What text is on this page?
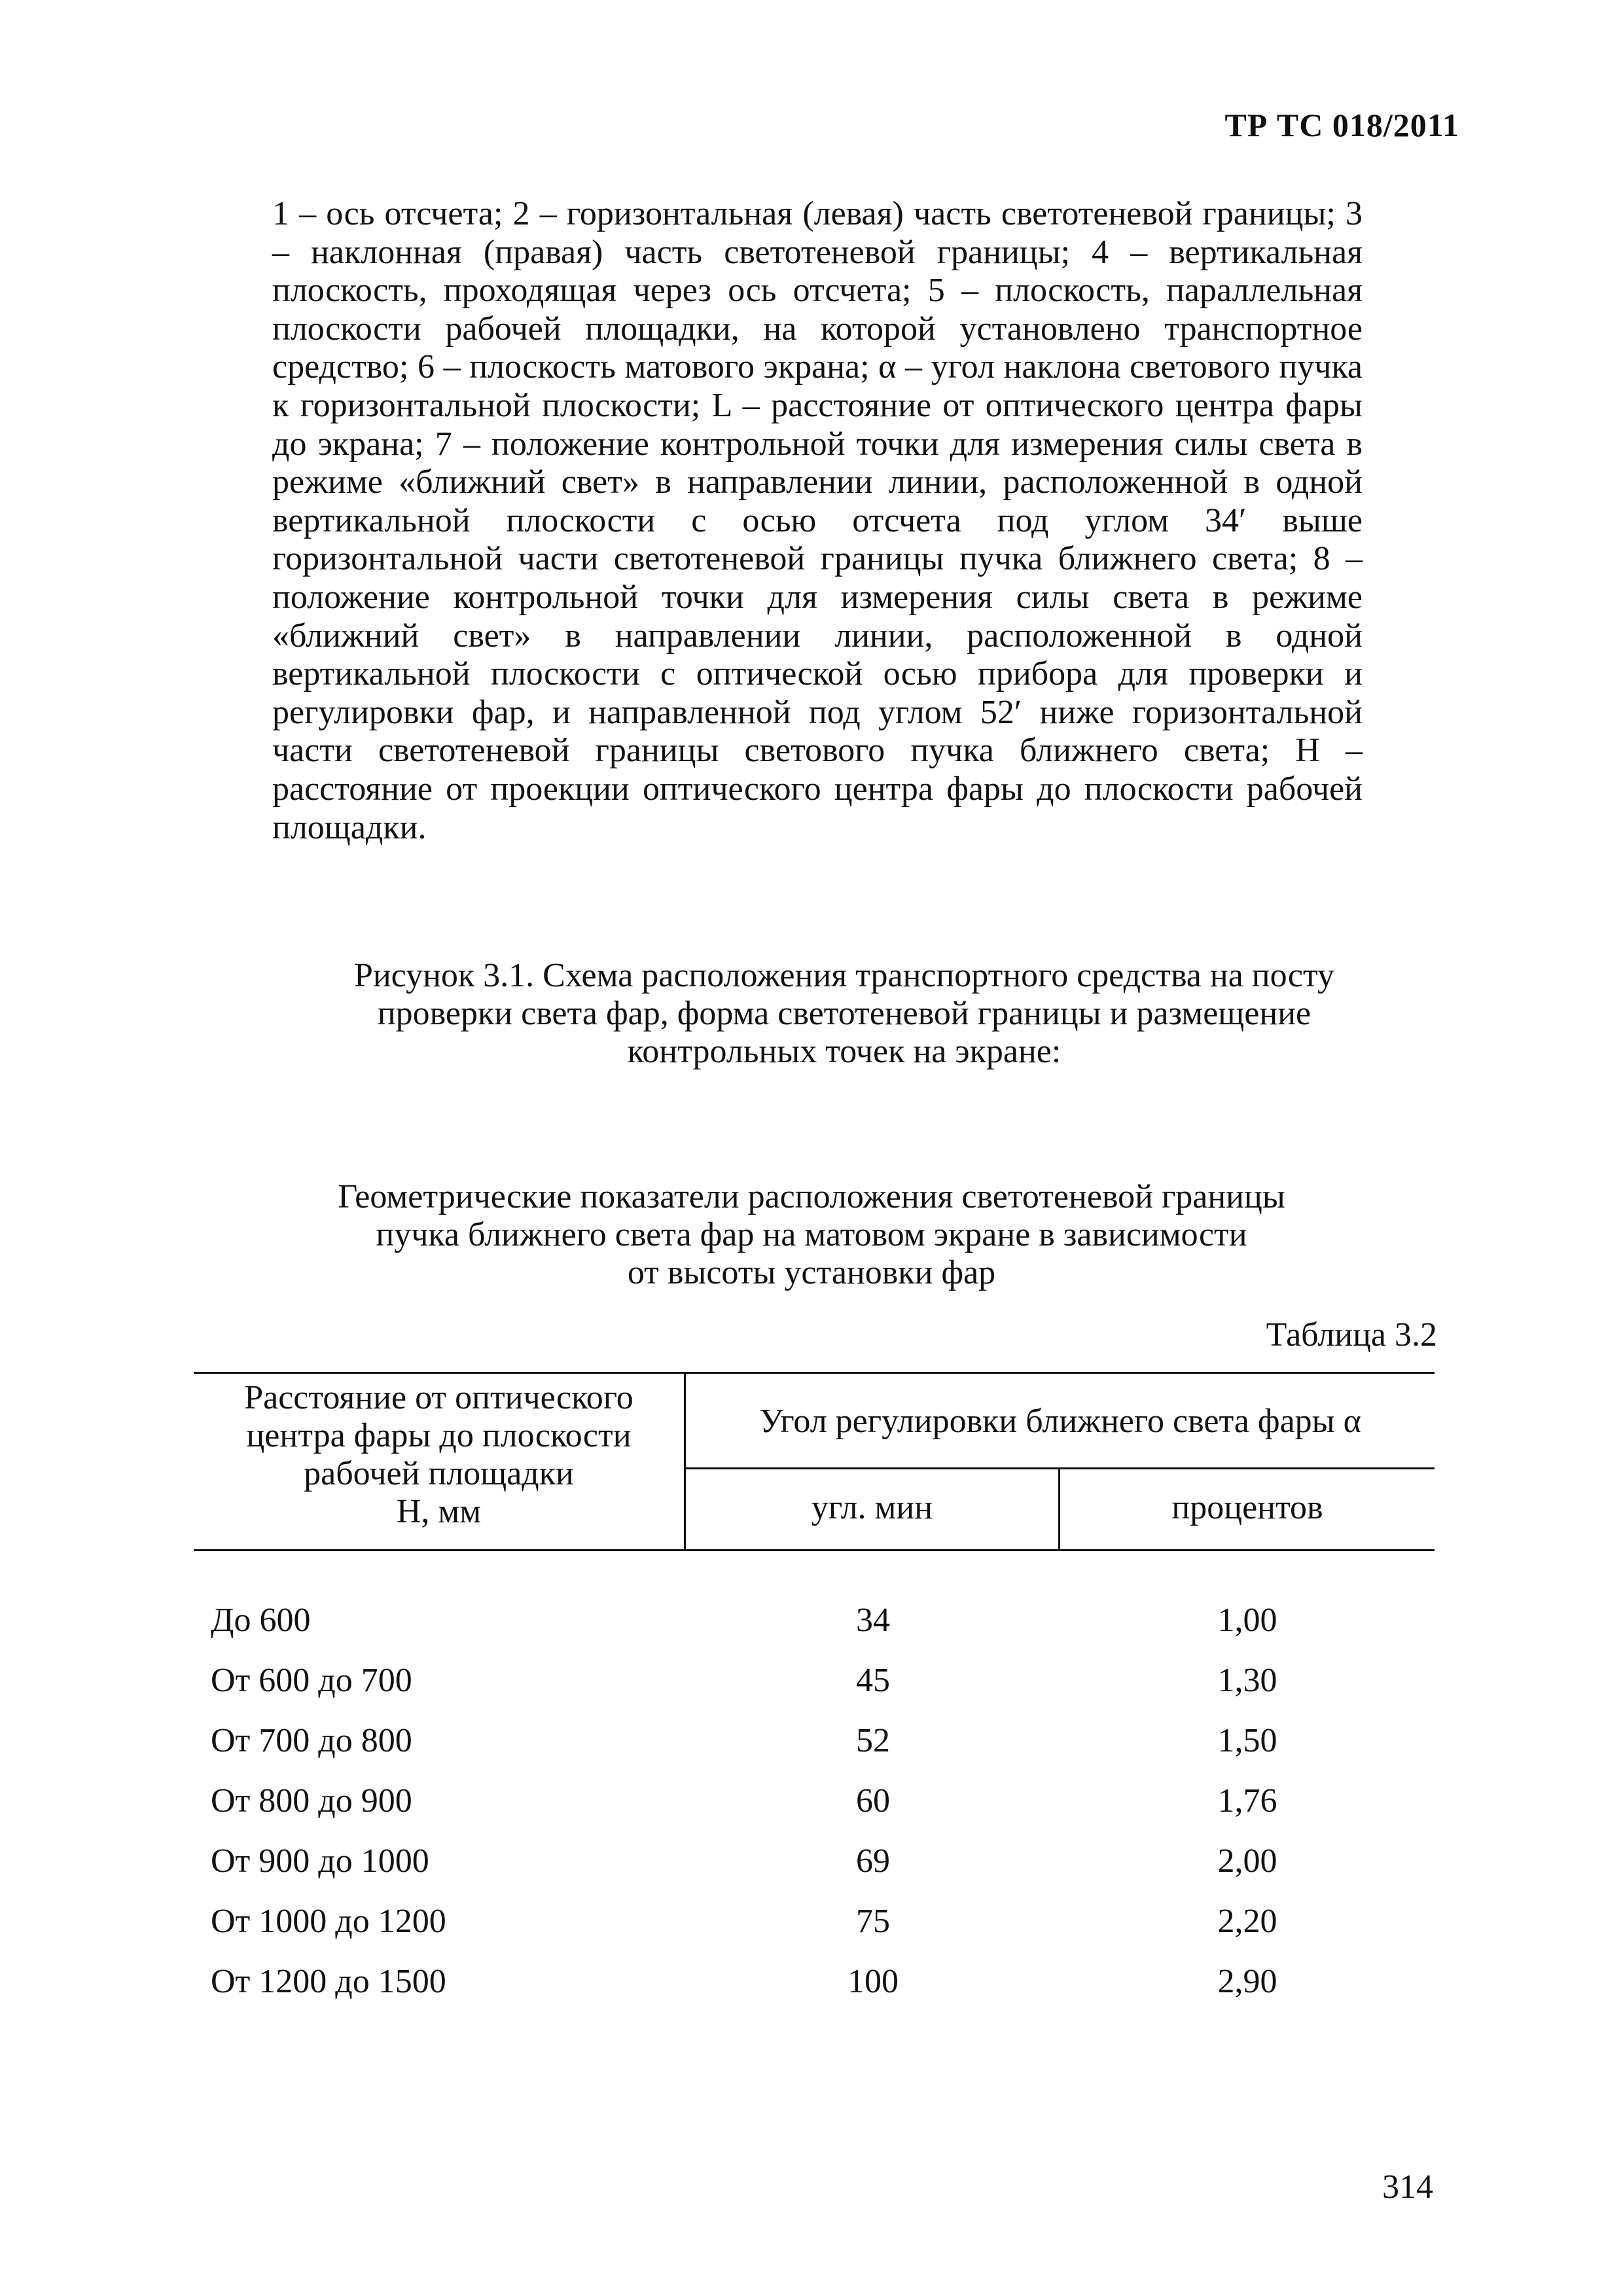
ТР ТС 018/2011
1 – ось отсчета; 2 – горизонтальная (левая) часть светотеневой границы; 3 – наклонная (правая) часть светотеневой границы; 4 – вертикальная плоскость, проходящая через ось отсчета; 5 – плоскость, параллельная плоскости рабочей площадки, на которой установлено транспортное средство; 6 – плоскость матового экрана; α – угол наклона светового пучка к горизонтальной плоскости; L – расстояние от оптического центра фары до экрана; 7 – положение контрольной точки для измерения силы света в режиме «ближний свет» в направлении линии, расположенной в одной вертикальной плоскости с осью отсчета под углом 34′ выше горизонтальной части светотеневой границы пучка ближнего света; 8 – положение контрольной точки для измерения силы света в режиме «ближний свет» в направлении линии, расположенной в одной вертикальной плоскости с оптической осью прибора для проверки и регулировки фар, и направленной под углом 52′ ниже горизонтальной части светотеневой границы светового пучка ближнего света; H – расстояние от проекции оптического центра фары до плоскости рабочей площадки.
Рисунок 3.1. Схема расположения транспортного средства на посту
проверки света фар, форма светотеневой границы и размещение
контрольных точек на экране:
Геометрические показатели расположения светотеневой границы
пучка ближнего света фар на матовом экране в зависимости
от высоты установки фар
Таблица 3.2
Расстояние от оптического
центра фары до плоскости
рабочей площадки
H, мм
Угол регулировки ближнего света фары α
угл. мин	процентов
До 600	34	1,00
От 600 до 700	45	1,30
От 700 до 800	52	1,50
От 800 до 900	60	1,76
От 900 до 1000	69	2,00
От 1000 до 1200	75	2,20
От 1200 до 1500	100	2,90
314
